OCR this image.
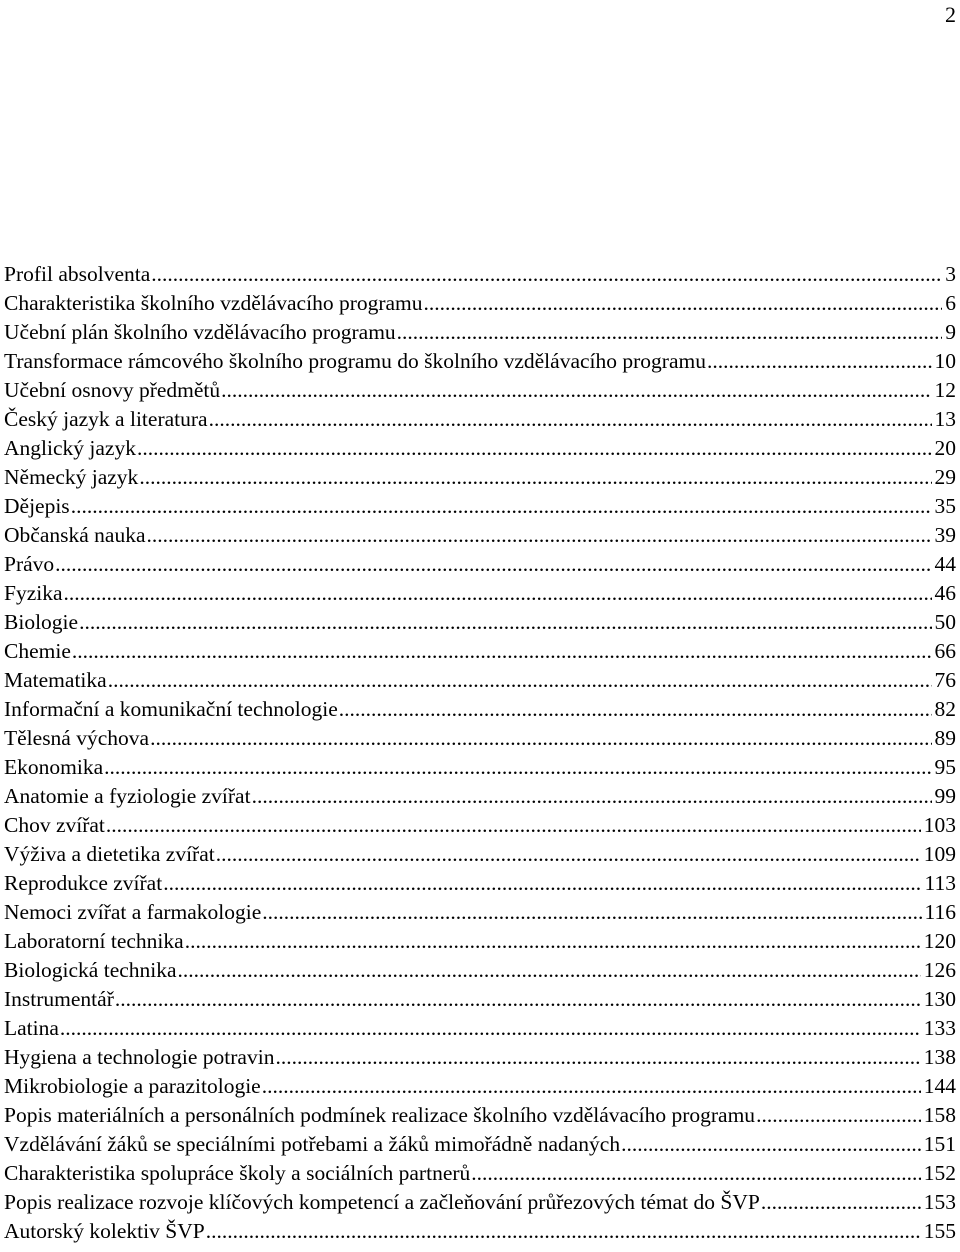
2
Profil absolventa .....	3
Charakteristika školního vzdělávacího programu .....	6
Učební plán školního vzdělávacího programu .....	9
Transformace rámcového školního programu do školního vzdělávacího programu .....	10
Učební osnovy předmětů .....	12
Český jazyk a literatura .....	13
Anglický jazyk .....	20
Německý jazyk .....	29
Dějepis .....	35
Občanská nauka .....	39
Právo .....	44
Fyzika .....	46
Biologie .....	50
Chemie .....	66
Matematika .....	76
Informační a komunikační technologie .....	82
Tělesná výchova .....	89
Ekonomika .....	95
Anatomie a fyziologie zvířat .....	99
Chov zvířat .....	103
Výživa a dietetika zvířat .....	109
Reprodukce zvířat .....	113
Nemoci zvířat a farmakologie .....	116
Laboratorní technika .....	120
Biologická technika .....	126
Instrumentář .....	130
Latina .....	133
Hygiena a technologie potravin .....	138
Mikrobiologie a parazitologie .....	144
Popis materiálních a personálních podmínek realizace školního vzdělávacího programu .....	158
Vzdělávání žáků se speciálními potřebami a žáků mimořádně nadaných .....	151
Charakteristika spolupráce školy a sociálních partnerů .....	152
Popis realizace rozvoje klíčových kompetencí a začleňování průřezových témat do ŠVP .....	153
Autorský kolektiv ŠVP .....	155
